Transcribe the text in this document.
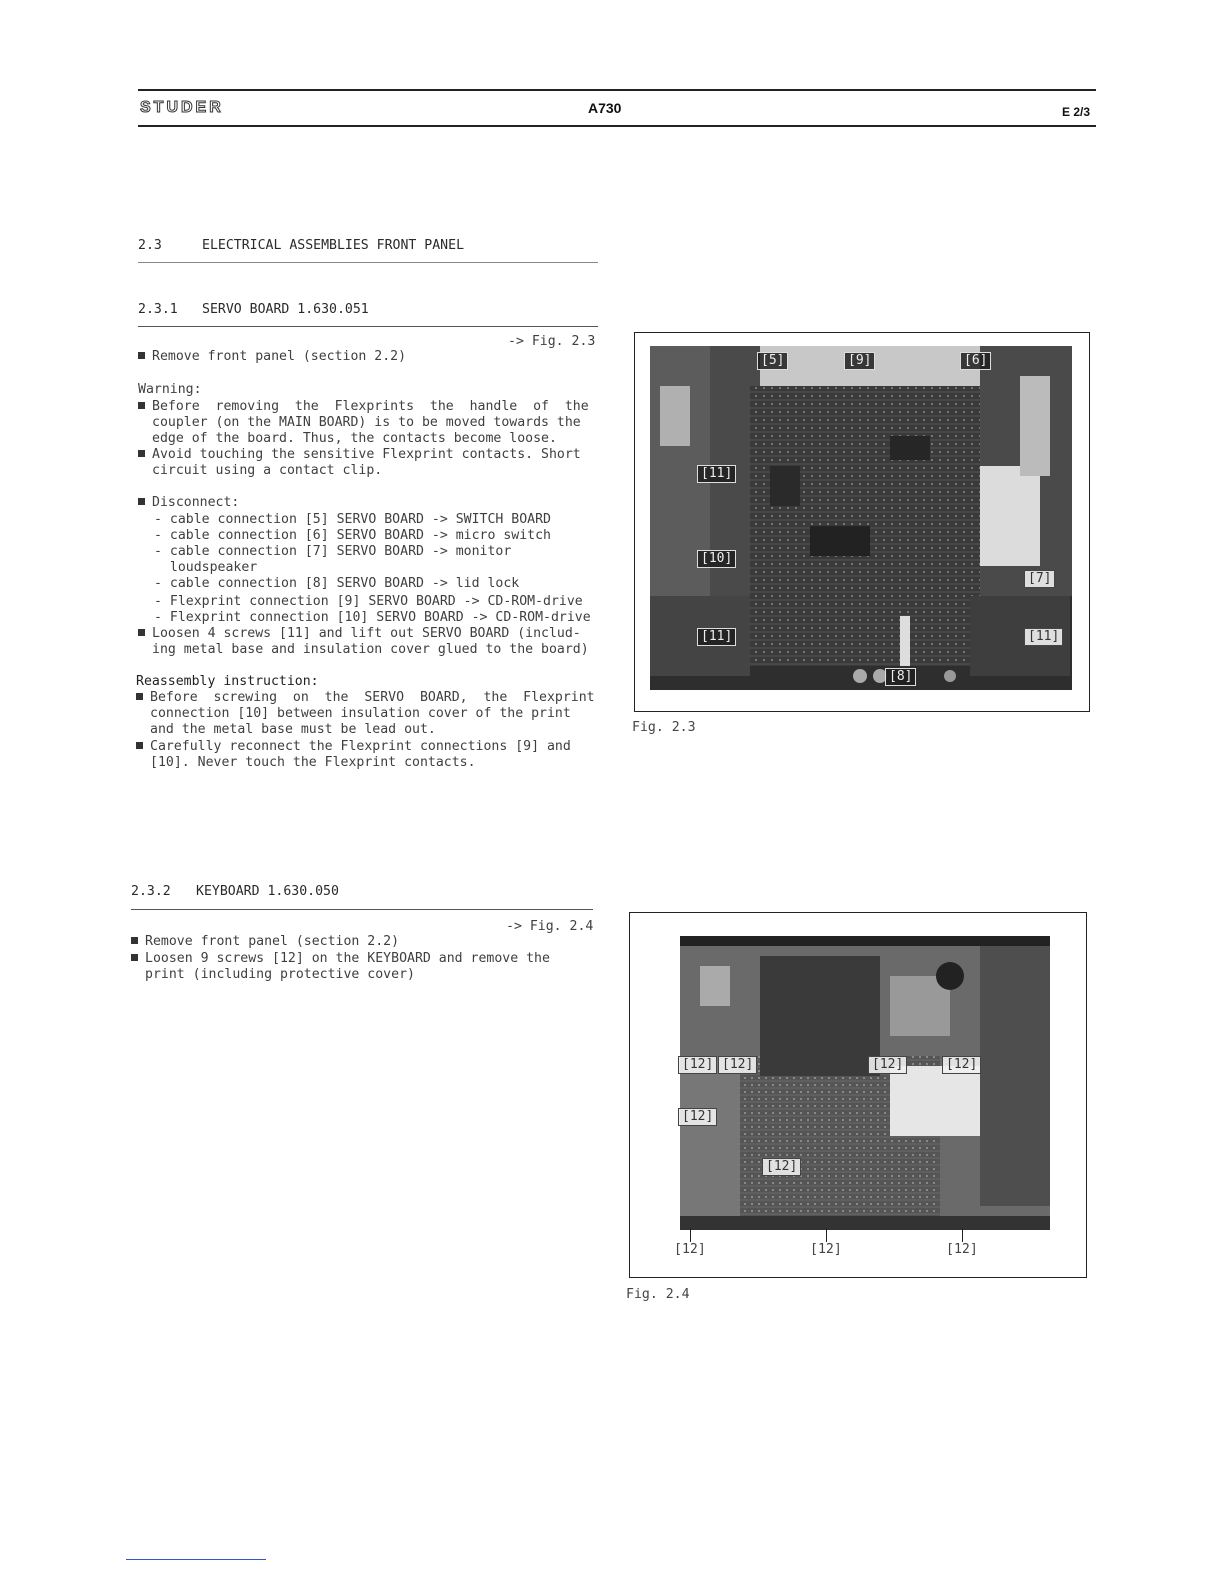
STUDER	A730	E 2/3
2.3	ELECTRICAL ASSEMBLIES FRONT PANEL
2.3.1 SERVO BOARD 1.630.051
-> Fig. 2.3
Remove front panel (section 2.2)
Warning:
Before  removing  the  Flexprints  the  handle  of  the
coupler (on the MAIN BOARD) is to be moved towards the
edge of the board. Thus, the contacts become loose.
Avoid touching the sensitive Flexprint contacts. Short
circuit using a contact clip.
Disconnect:
- cable connection [5] SERVO BOARD -> SWITCH BOARD
- cable connection [6] SERVO BOARD -> micro switch
- cable connection [7] SERVO BOARD -> monitor
loudspeaker
- cable connection [8] SERVO BOARD -> lid lock
- Flexprint connection [9] SERVO BOARD -> CD-ROM-drive
- Flexprint connection [10] SERVO BOARD -> CD-ROM-drive
Loosen 4 screws [11] and lift out SERVO BOARD (includ-
ing metal base and insulation cover glued to the board)
Reassembly instruction:
Before  screwing  on  the  SERVO  BOARD,  the  Flexprint
connection [10] between insulation cover of the print
and the metal base must be lead out.
Carefully reconnect the Flexprint connections [9] and
[10]. Never touch the Flexprint contacts.
[5]	[9]	[6]
[11]
[10]
[7]
[11]	[11]
[8]
Fig. 2.3
2.3.2 KEYBOARD 1.630.050
-> Fig. 2.4
Remove front panel (section 2.2)
Loosen 9 screws [12] on the KEYBOARD and remove the
print (including protective cover)
[12] [12]	[12]	[12]
[12]
[12]
[12]	[12]	[12]
Fig. 2.4
